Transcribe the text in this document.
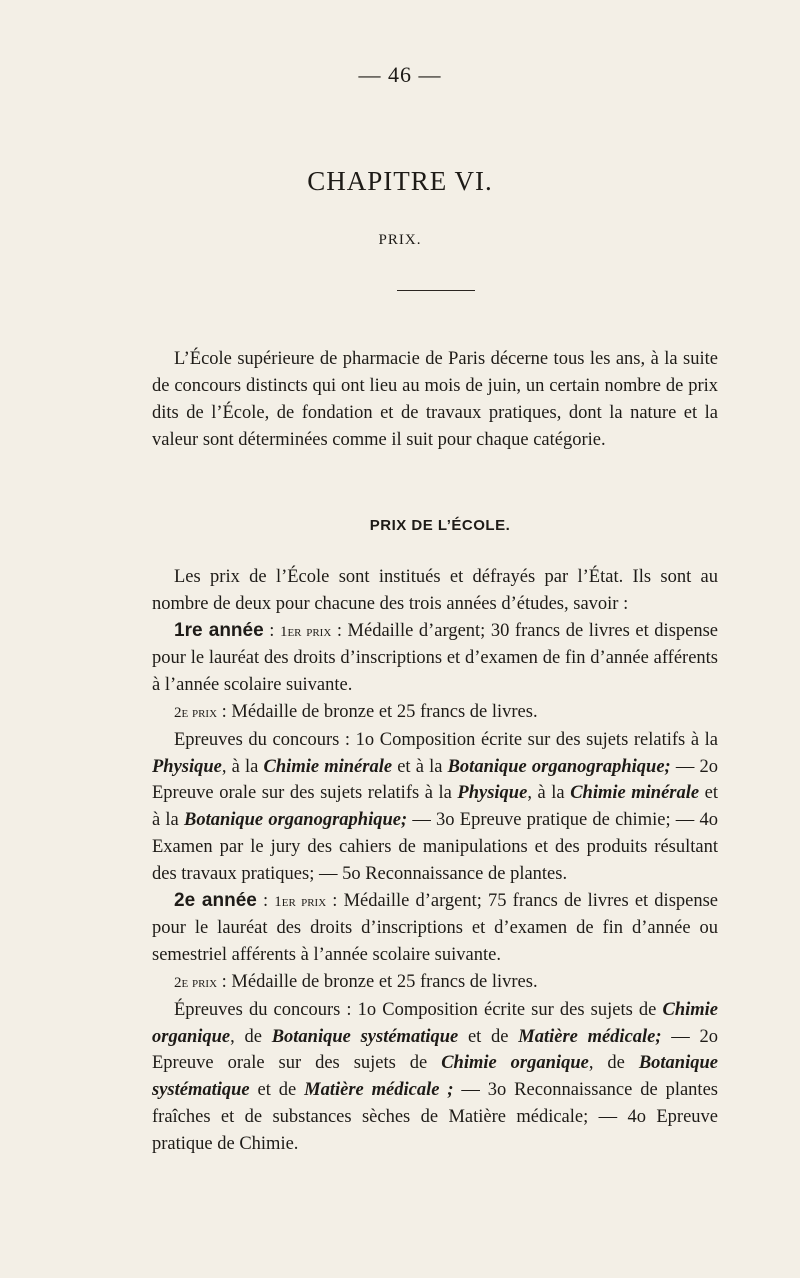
— 46 —
CHAPITRE VI.
PRIX.

L’École supérieure de pharmacie de Paris décerne tous les ans, à la suite de concours distincts qui ont lieu au mois de juin, un certain nombre de prix dits de l’École, de fondation et de travaux pratiques, dont la nature et la valeur sont déterminées comme il suit pour chaque catégorie.

PRIX DE L’ÉCOLE.

Les prix de l’École sont institués et défrayés par l’État. Ils sont au nombre de deux pour chacune des trois années d’études, savoir :

1re année : 1er prix : Médaille d’argent; 30 francs de livres et dispense pour le lauréat des droits d’inscriptions et d’examen de fin d’année afférents à l’année scolaire suivante.

2e prix : Médaille de bronze et 25 francs de livres.

Epreuves du concours : 1o Composition écrite sur des sujets relatifs à la Physique, à la Chimie minérale et à la Botanique organographique; — 2o Epreuve orale sur des sujets relatifs à la Physique, à la Chimie minérale et à la Botanique organographique; — 3o Epreuve pratique de chimie; — 4o Examen par le jury des cahiers de manipulations et des produits résultant des travaux pratiques; — 5o Reconnaissance de plantes.

2e année : 1er prix : Médaille d’argent; 75 francs de livres et dispense pour le lauréat des droits d’inscriptions et d’examen de fin d’année ou semestriel afférents à l’année scolaire suivante.

2e prix : Médaille de bronze et 25 francs de livres.

Épreuves du concours : 1o Composition écrite sur des sujets de Chimie organique, de Botanique systématique et de Matière médicale; — 2o Epreuve orale sur des sujets de Chimie organique, de Botanique systématique et de Matière médicale ; — 3o Reconnaissance de plantes fraîches et de substances sèches de Matière médicale; — 4o Epreuve pratique de Chimie.
